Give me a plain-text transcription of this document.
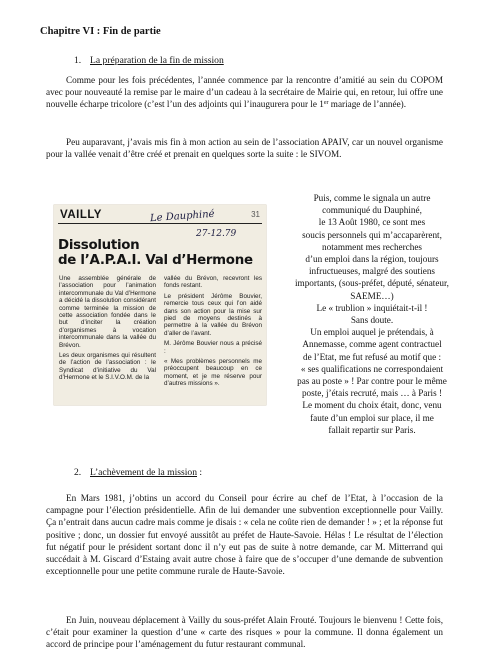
Chapitre VI : Fin de partie
1. La préparation de la fin de mission

Comme pour les fois précédentes, l’année commence par la rencontre d’amitié au sein du COPOM avec pour nouveauté la remise par le maire d’un cadeau à la secrétaire de Mairie qui, en retour, lui offre une nouvelle écharpe tricolore (c’est l’un des adjoints qui l’inaugurera pour le 1er mariage de l’année).

Peu auparavant, j’avais mis fin à mon action au sein de l’association APAIV, car un nouvel organisme pour la vallée venait d’être créé et prenait en quelques sorte la suite : le SIVOM.

VAILLY	31
Le Dauphiné
27-12.79
Dissolution
de l’A.P.A.I. Val d’Hermone

Une assemblée générale de l’association pour l’animation intercommunale du Val d’Hermone a décidé la dissolution considérant comme terminée la mission de cette association fondée dans le but d’inciter la création d’organismes à vocation intercommunale dans la vallée du Brévon.

Les deux organismes qui résultent de l’action de l’association : le Syndicat d’initiative du Val d’Hermone et le S.I.V.O.M. de la

vallée du Brévon, recevront les fonds restant.

Le président Jérôme Bouvier, remercie tous ceux qui l’on aidé dans son action pour la mise sur pied de moyens destinés à permettre à la vallée du Brévon d’aller de l’avant.

M. Jérôme Bouvier nous a précisé :

« Mes problèmes personnels me préoccupent beaucoup en ce moment, et je me réserve pour d’autres missions ».

Puis, comme le signala un autre
communiqué du Dauphiné,
le 13 Août 1980, ce sont mes
soucis personnels qui m’accaparèrent,
notamment mes recherches
d’un emploi dans la région, toujours
infructueuses, malgré des soutiens
importants, (sous-préfet, député, sénateur,
SAEME…)
Le « trublion » inquiétait-t-il !
Sans doute.
Un emploi auquel je prétendais, à
Annemasse, comme agent contractuel
de l’Etat, me fut refusé au motif que :
« ses qualifications ne correspondaient
pas au poste » ! Par contre pour le même
poste, j’étais recruté, mais … à Paris !
Le moment du choix était, donc, venu
faute d’un emploi sur place, il me
fallait repartir sur Paris.
2. L’achèvement de la mission :

En Mars 1981, j’obtins un accord du Conseil pour écrire au chef de l’Etat, à l’occasion de la campagne pour l’élection présidentielle. Afin de lui demander une subvention exceptionnelle pour Vailly. Ça n’entrait dans aucun cadre mais comme je disais : « cela ne coûte rien de demander ! » ; et la réponse fut positive ; donc, un dossier fut envoyé aussitôt au préfet de Haute-Savoie. Hélas ! Le résultat de l’élection fut négatif pour le président sortant donc il n’y eut pas de suite à notre demande, car M. Mitterrand qui succédait à M. Giscard d’Estaing avait autre chose à faire que de s’occuper d’une demande de subvention exceptionnelle pour une petite commune rurale de Haute-Savoie.

En Juin, nouveau déplacement à Vailly du sous-préfet Alain Frouté. Toujours le bienvenu ! Cette fois, c’était pour examiner la question d’une « carte des risques » pour la commune. Il donna également un accord de principe pour l’aménagement du futur restaurant communal.
